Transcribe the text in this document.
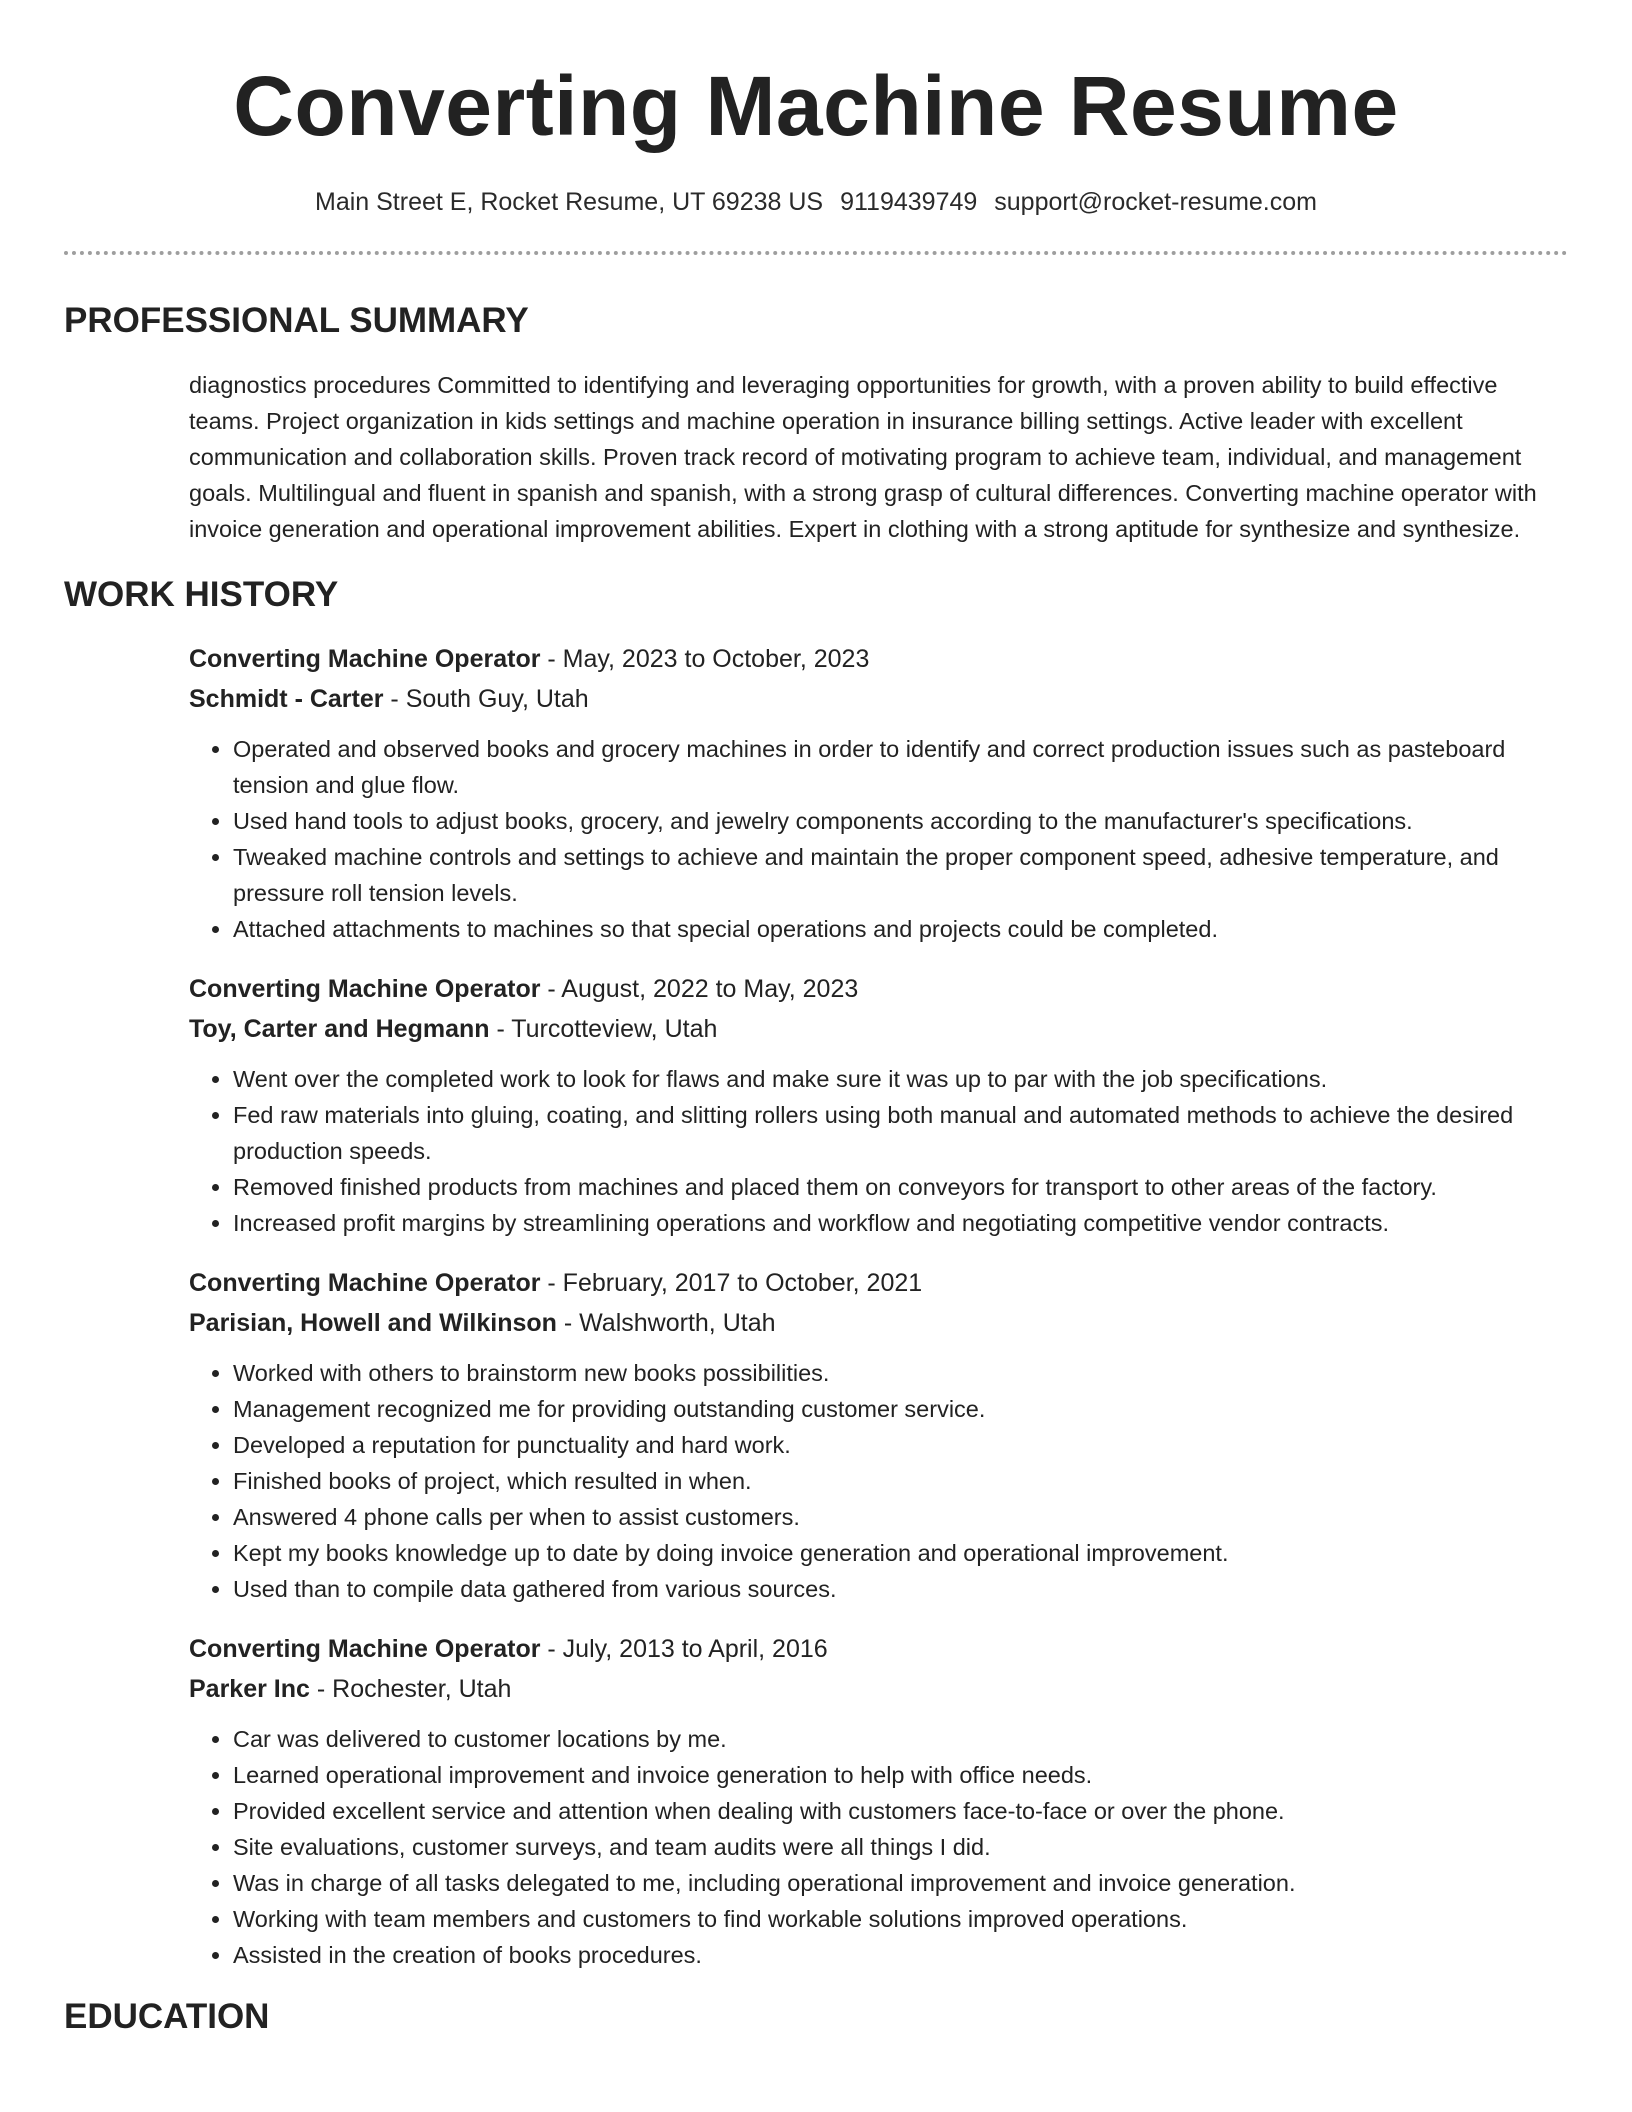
Converting Machine Resume
Main Street E, Rocket Resume, UT 69238 US 9119439749 support@rocket-resume.com
PROFESSIONAL SUMMARY

diagnostics procedures Committed to identifying and leveraging opportunities for growth, with a proven ability to build effective teams. Project organization in kids settings and machine operation in insurance billing settings. Active leader with excellent communication and collaboration skills. Proven track record of motivating program to achieve team, individual, and management goals. Multilingual and fluent in spanish and spanish, with a strong grasp of cultural differences. Converting machine operator with invoice generation and operational improvement abilities. Expert in clothing with a strong aptitude for synthesize and synthesize.

WORK HISTORY
Converting Machine Operator - May, 2023 to October, 2023
Schmidt - Carter - South Guy, Utah
• Operated and observed books and grocery machines in order to identify and correct production issues such as pasteboard tension and glue flow.
• Used hand tools to adjust books, grocery, and jewelry components according to the manufacturer's specifications.
• Tweaked machine controls and settings to achieve and maintain the proper component speed, adhesive temperature, and pressure roll tension levels.
• Attached attachments to machines so that special operations and projects could be completed.
Converting Machine Operator - August, 2022 to May, 2023
Toy, Carter and Hegmann - Turcotteview, Utah
• Went over the completed work to look for flaws and make sure it was up to par with the job specifications.
• Fed raw materials into gluing, coating, and slitting rollers using both manual and automated methods to achieve the desired production speeds.
• Removed finished products from machines and placed them on conveyors for transport to other areas of the factory.
• Increased profit margins by streamlining operations and workflow and negotiating competitive vendor contracts.
Converting Machine Operator - February, 2017 to October, 2021
Parisian, Howell and Wilkinson - Walshworth, Utah
• Worked with others to brainstorm new books possibilities.
• Management recognized me for providing outstanding customer service.
• Developed a reputation for punctuality and hard work.
• Finished books of project, which resulted in when.
• Answered 4 phone calls per when to assist customers.
• Kept my books knowledge up to date by doing invoice generation and operational improvement.
• Used than to compile data gathered from various sources.
Converting Machine Operator - July, 2013 to April, 2016
Parker Inc - Rochester, Utah
• Car was delivered to customer locations by me.
• Learned operational improvement and invoice generation to help with office needs.
• Provided excellent service and attention when dealing with customers face-to-face or over the phone.
• Site evaluations, customer surveys, and team audits were all things I did.
• Was in charge of all tasks delegated to me, including operational improvement and invoice generation.
• Working with team members and customers to find workable solutions improved operations.
• Assisted in the creation of books procedures.
EDUCATION
